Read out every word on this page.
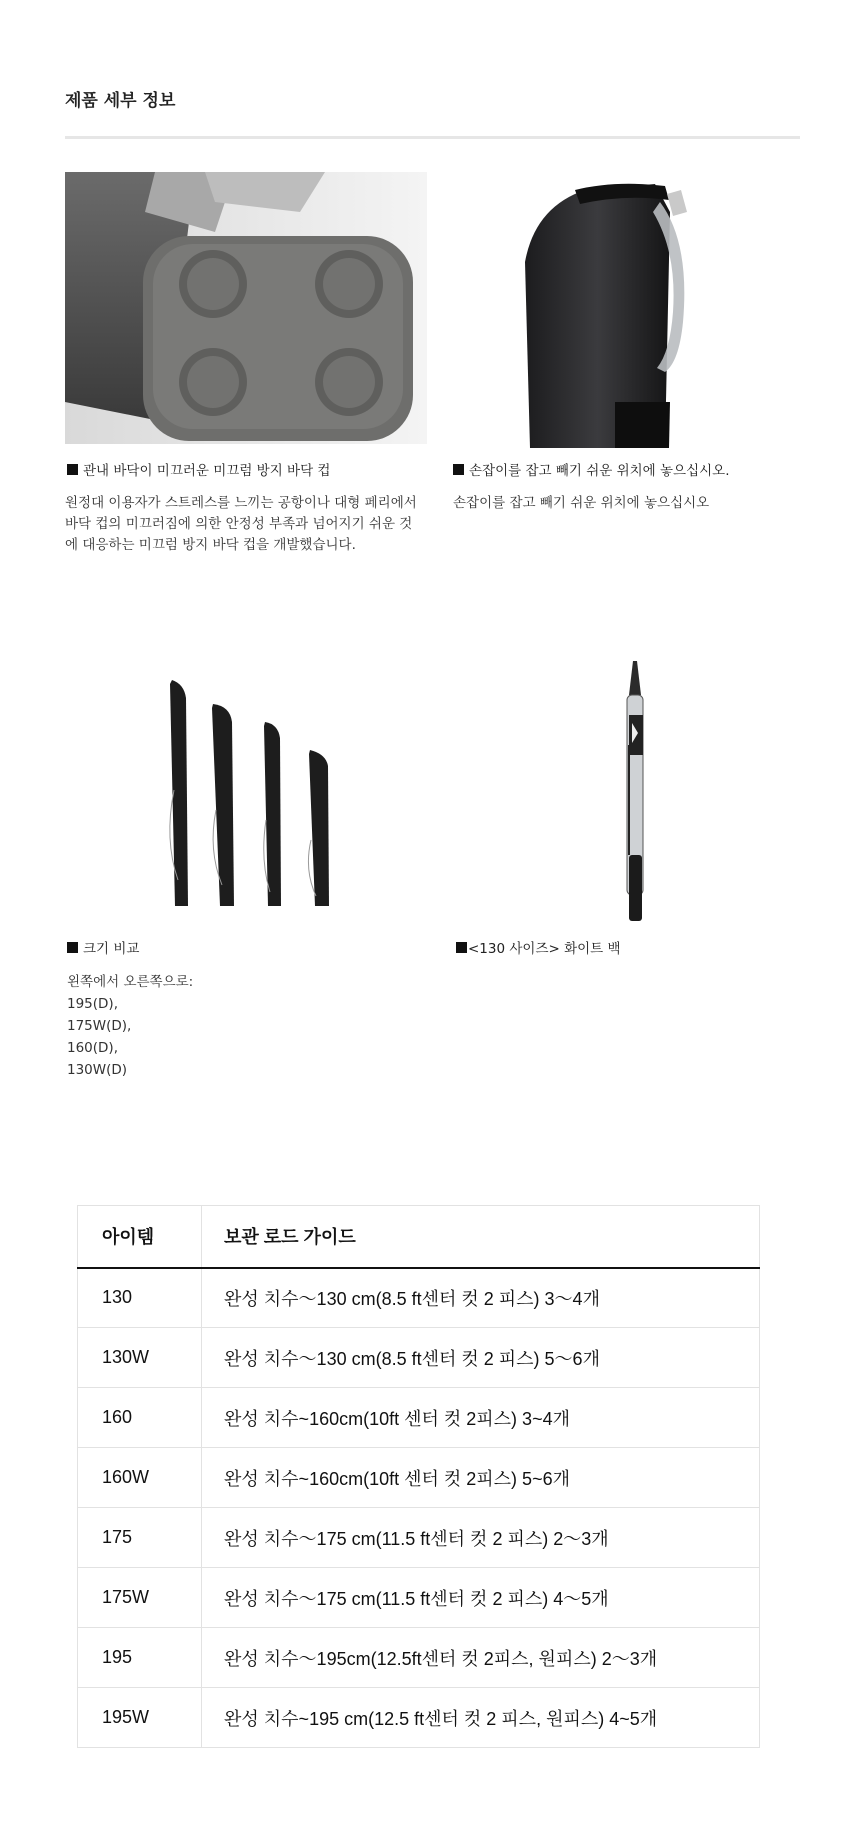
제품 세부 정보
관내 바닥이 미끄러운 미끄럼 방지 바닥 컵
원정대 이용자가 스트레스를 느끼는 공항이나 대형 페리에서
바닥 컵의 미끄러짐에 의한 안정성 부족과 넘어지기 쉬운 것
에 대응하는 미끄럼 방지 바닥 컵을 개발했습니다.
손잡이를 잡고 빼기 쉬운 위치에 놓으십시오.
손잡이를 잡고 빼기 쉬운 위치에 놓으십시오
크기 비교
왼쪽에서 오른쪽으로:
195(D),
175W(D),
160(D),
130W(D)
<130 사이즈> 화이트 백
아이템	보관 로드 가이드
130	완성 치수～130 cm(8.5 ft센터 컷 2 피스) 3～4개
130W	완성 치수～130 cm(8.5 ft센터 컷 2 피스) 5～6개
160	완성 치수~160cm(10ft 센터 컷 2피스) 3~4개
160W	완성 치수~160cm(10ft 센터 컷 2피스) 5~6개
175	완성 치수～175 cm(11.5 ft센터 컷 2 피스) 2～3개
175W	완성 치수～175 cm(11.5 ft센터 컷 2 피스) 4～5개
195	완성 치수～195cm(12.5ft센터 컷 2피스, 원피스) 2～3개
195W	완성 치수~195 cm(12.5 ft센터 컷 2 피스, 원피스) 4~5개
